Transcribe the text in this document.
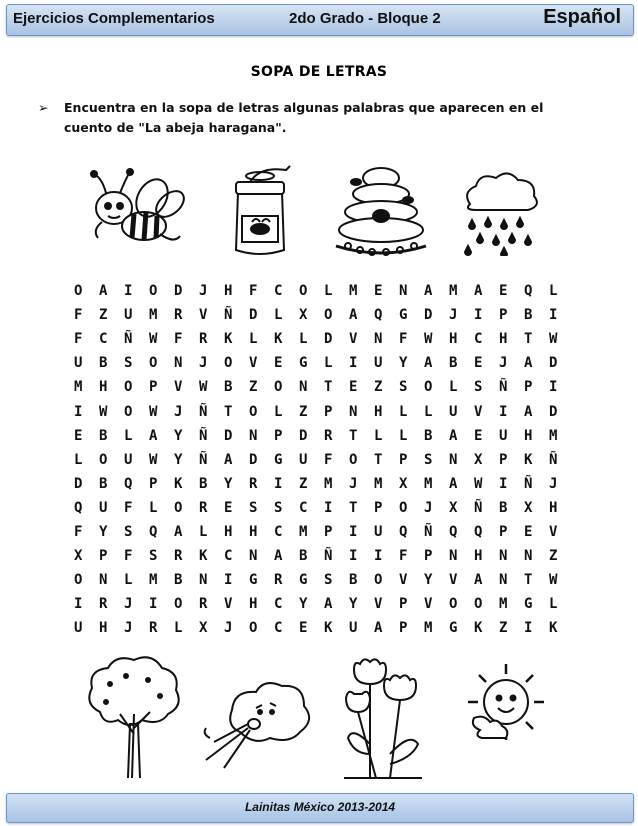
Ejercicios Complementarios	2do Grado - Bloque 2	Español
SOPA DE LETRAS
➢ Encuentra en la sopa de letras algunas palabras que aparecen en el cuento de "La abeja haragana".
O	A	I	O	D	J	H	F	C	O	L	M	E	N	A	M	A	E	Q	L
F	Z	U	M	R	V	Ñ	D	L	X	O	A	Q	G	D	J	I	P	B	I
F	C	Ñ	W	F	R	K	L	K	L	D	V	N	F	W	H	C	H	T	W
U	B	S	O	N	J	O	V	E	G	L	I	U	Y	A	B	E	J	A	D
M	H	O	P	V	W	B	Z	O	N	T	E	Z	S	O	L	S	Ñ	P	I
I	W	O	W	J	Ñ	T	O	L	Z	P	N	H	L	L	U	V	I	A	D
E	B	L	A	Y	Ñ	D	N	P	D	R	T	L	L	B	A	E	U	H	M
L	O	U	W	Y	Ñ	A	D	G	U	F	O	T	P	S	N	X	P	K	Ñ
D	B	Q	P	K	B	Y	R	I	Z	M	J	M	X	M	A	W	I	Ñ	J
Q	U	F	L	O	R	E	S	S	C	I	T	P	O	J	X	Ñ	B	X	H
F	Y	S	Q	A	L	H	H	C	M	P	I	U	Q	Ñ	Q	Q	P	E	V
X	P	F	S	R	K	C	N	A	B	Ñ	I	I	F	P	N	H	N	N	Z
O	N	L	M	B	N	I	G	R	G	S	B	O	V	Y	V	A	N	T	W
I	R	J	I	O	R	V	H	C	Y	A	Y	V	P	V	O	O	M	G	L
U	H	J	R	L	X	J	O	C	E	K	U	A	P	M	G	K	Z	I	K
Lainitas México 2013-2014
